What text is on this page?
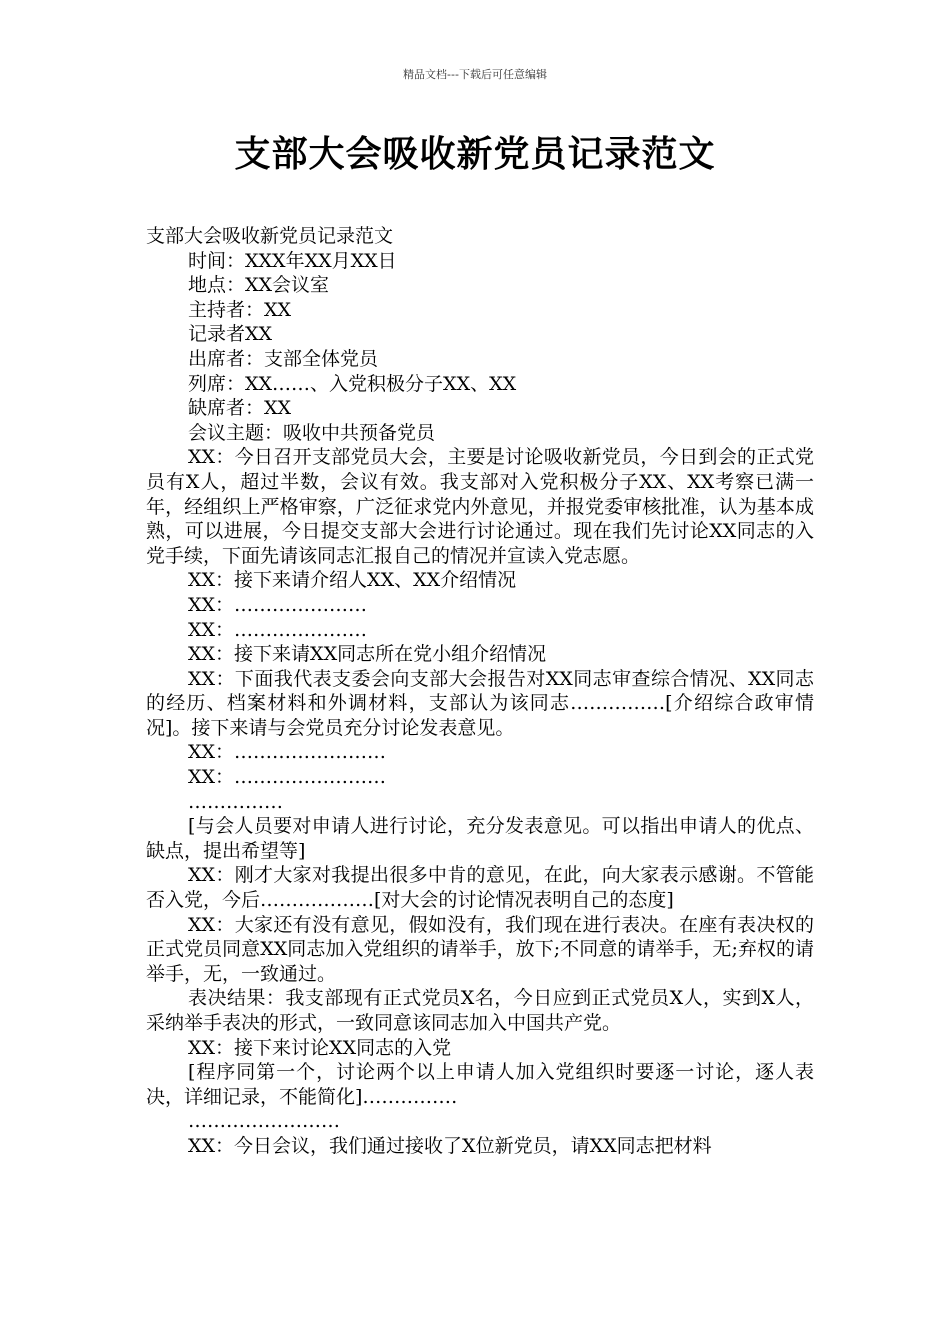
精品文档---下载后可任意编辑
支部大会吸收新党员记录范文

支部大会吸收新党员记录范文

时间：XXX年XX月XX日

地点：XX会议室

主持者：XX

记录者XX

出席者：支部全体党员

列席：XX……、入党积极分子XX、XX

缺席者：XX

会议主题：吸收中共预备党员

XX：今日召开支部党员大会，主要是讨论吸收新党员，今日到会的正式党员有X人，超过半数，会议有效。我支部对入党积极分子XX、XX考察已满一年，经组织上严格审察，广泛征求党内外意见，并报党委审核批准，认为基本成熟，可以进展，今日提交支部大会进行讨论通过。现在我们先讨论XX同志的入党手续，下面先请该同志汇报自己的情况并宣读入党志愿。

XX：接下来请介绍人XX、XX介绍情况

XX：…………………

XX：…………………

XX：接下来请XX同志所在党小组介绍情况

XX：下面我代表支委会向支部大会报告对XX同志审查综合情况、XX同志的经历、档案材料和外调材料，支部认为该同志……………[介绍综合政审情况]。接下来请与会党员充分讨论发表意见。

XX：……………………

XX：……………………

……………

[与会人员要对申请人进行讨论，充分发表意见。可以指出申请人的优点、缺点，提出希望等]

XX：刚才大家对我提出很多中肯的意见，在此，向大家表示感谢。不管能否入党，今后………………[对大会的讨论情况表明自己的态度]

XX：大家还有没有意见，假如没有，我们现在进行表决。在座有表决权的正式党员同意XX同志加入党组织的请举手，放下;不同意的请举手，无;弃权的请举手，无，一致通过。

表决结果：我支部现有正式党员X名，今日应到正式党员X人，实到X人，采纳举手表决的形式，一致同意该同志加入中国共产党。

XX：接下来讨论XX同志的入党

[程序同第一个，讨论两个以上申请人加入党组织时要逐一讨论，逐人表决，详细记录，不能简化]……………

……………………

XX：今日会议，我们通过接收了X位新党员，请XX同志把材料
